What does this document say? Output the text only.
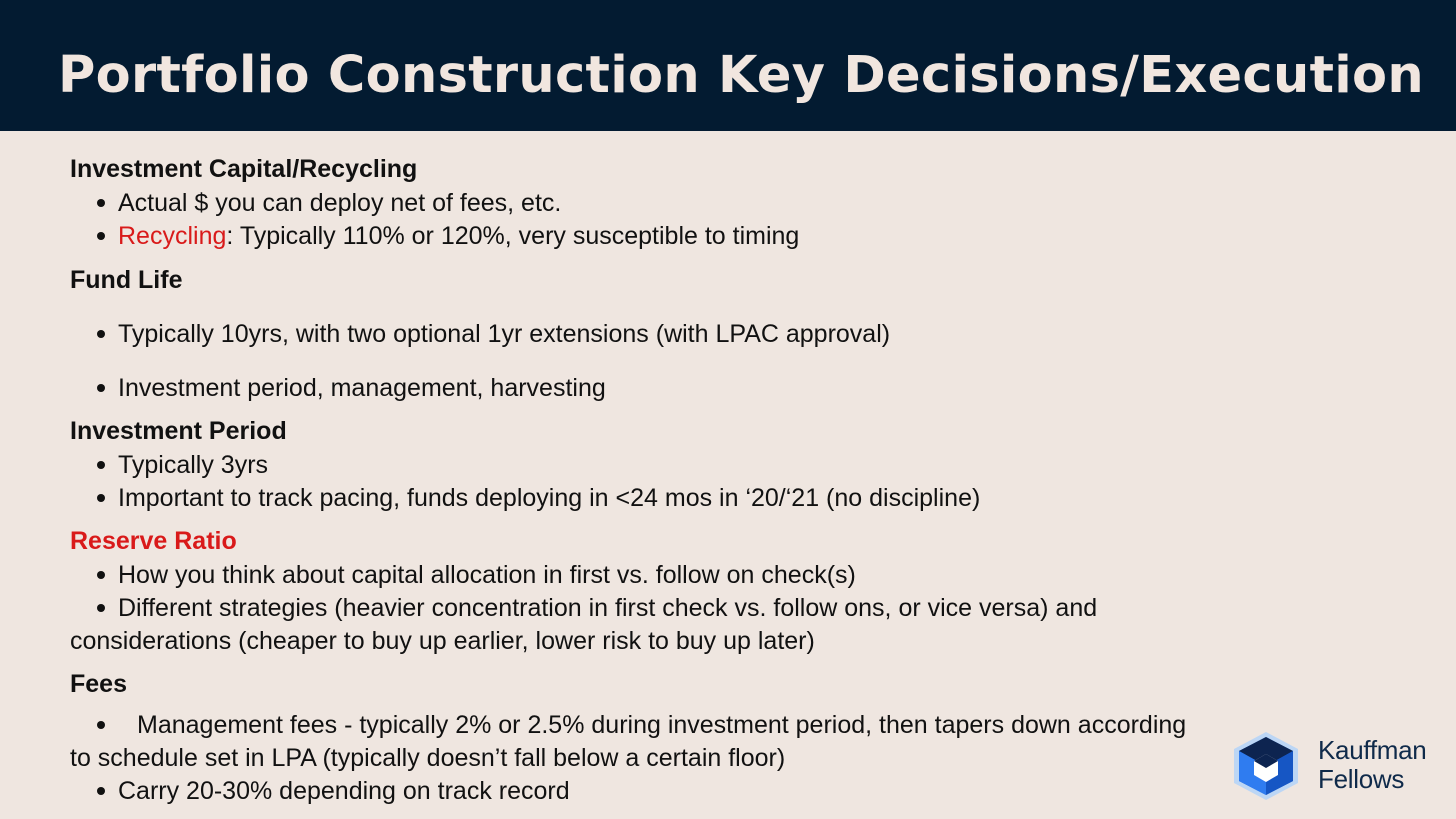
Portfolio Construction Key Decisions/Execution
Investment Capital/Recycling
Actual $ you can deploy net of fees, etc.
Recycling: Typically 110% or 120%, very susceptible to timing
Fund Life
Typically 10yrs, with two optional 1yr extensions (with LPAC approval)
Investment period, management, harvesting
Investment Period
Typically 3yrs
Important to track pacing, funds deploying in <24 mos in ‘20/‘21 (no discipline)
Reserve Ratio
How you think about capital allocation in first vs. follow on check(s)
Different strategies (heavier concentration in first check vs. follow ons, or vice versa) and
considerations (cheaper to buy up earlier, lower risk to buy up later)
Fees
Management fees - typically 2% or 2.5% during investment period, then tapers down according
to schedule set in LPA (typically doesn’t fall below a certain floor)
Carry 20-30% depending on track record
Kauffman
Fellows
